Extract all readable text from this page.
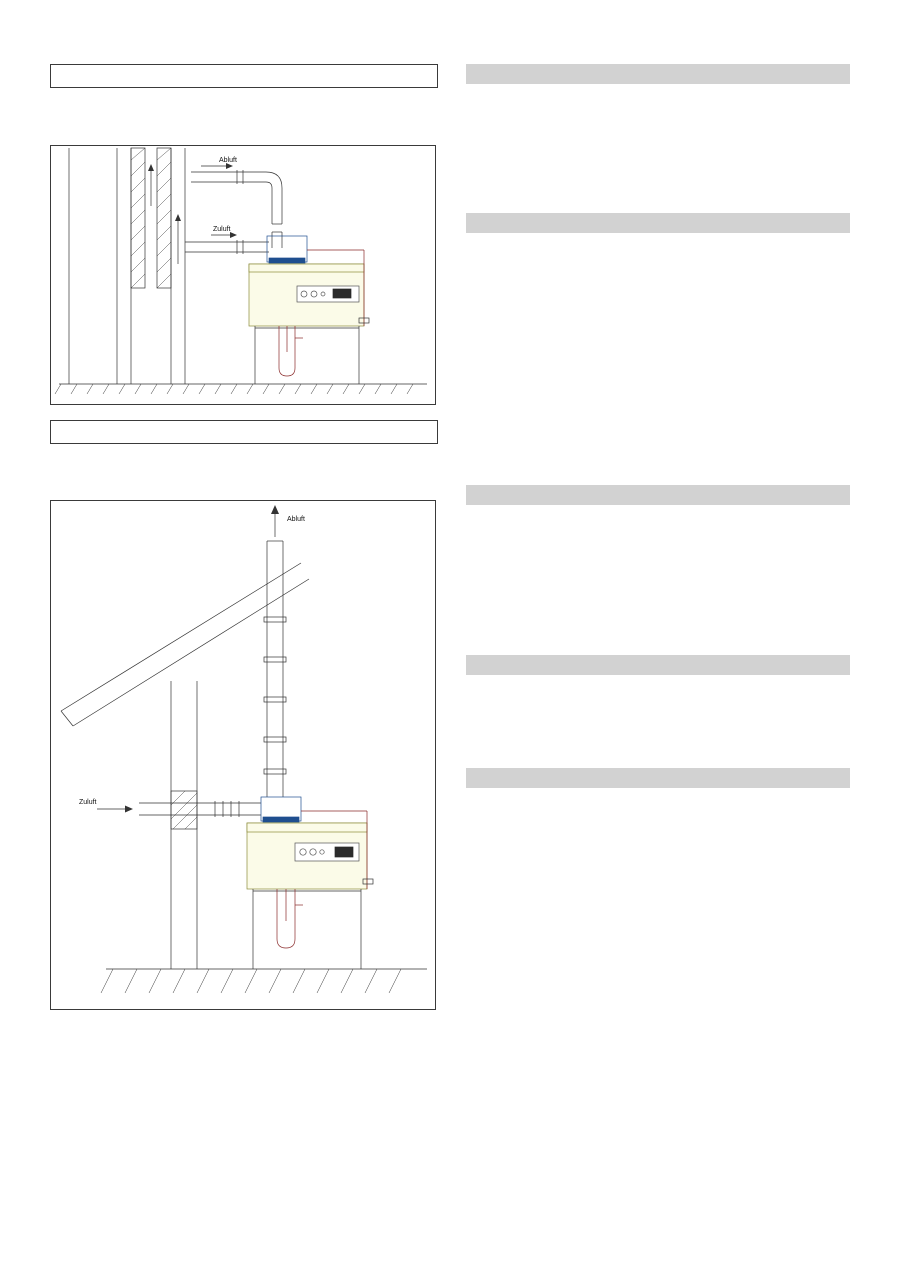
Abluft
Zuluft
Abluft
Zuluft
